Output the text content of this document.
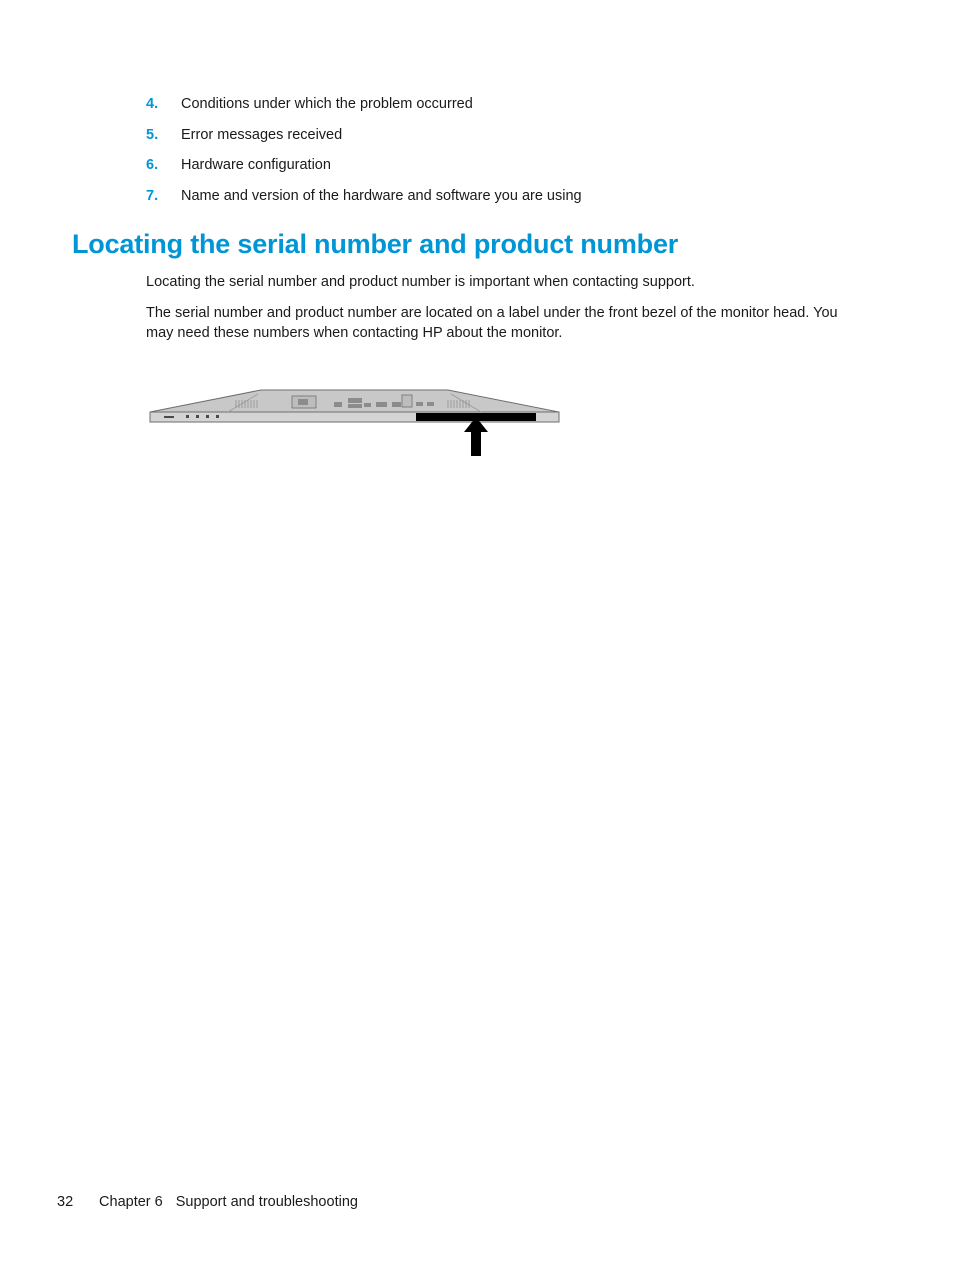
4.	Conditions under which the problem occurred
5.	Error messages received
6.	Hardware configuration
7.	Name and version of the hardware and software you are using
Locating the serial number and product number

Locating the serial number and product number is important when contacting support.

The serial number and product number are located on a label under the front bezel of the monitor head. You may need these numbers when contacting HP about the monitor.

32 Chapter 6 Support and troubleshooting
